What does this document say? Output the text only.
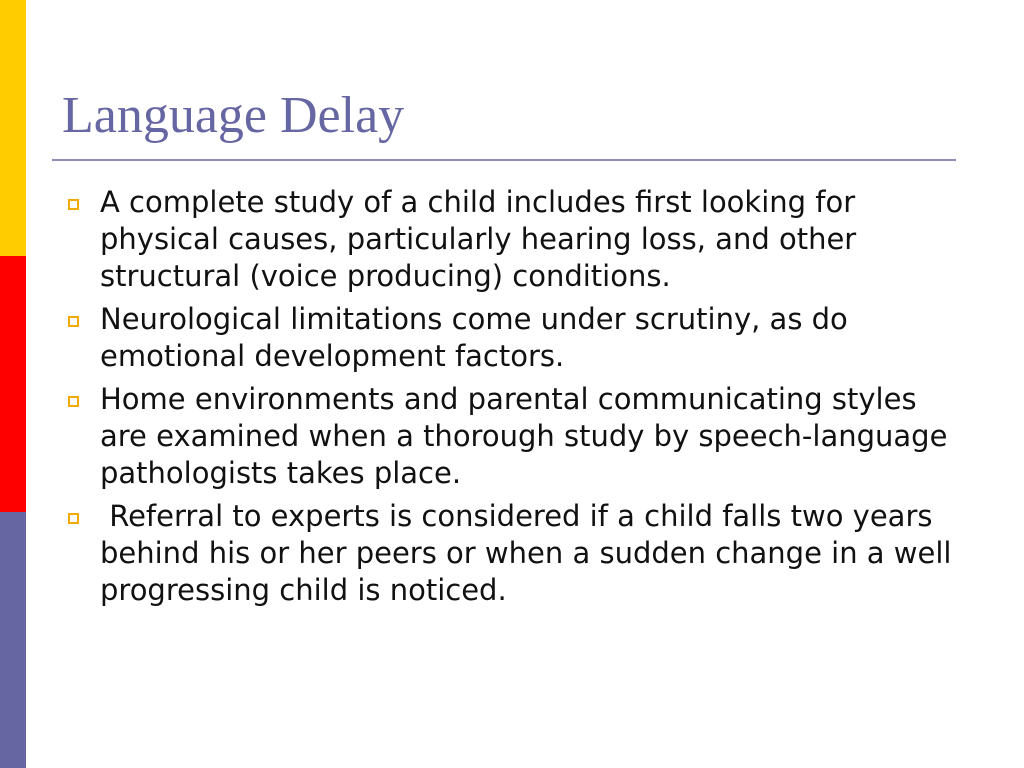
Language Delay
A complete study of a child includes first looking for physical causes, particularly hearing loss, and other structural (voice producing) conditions.
Neurological limitations come under scrutiny, as do emotional development factors.
Home environments and parental communicating styles are examined when a thorough study by speech-language pathologists takes place.
Referral to experts is considered if a child falls two years behind his or her peers or when a sudden change in a well progressing child is noticed.
